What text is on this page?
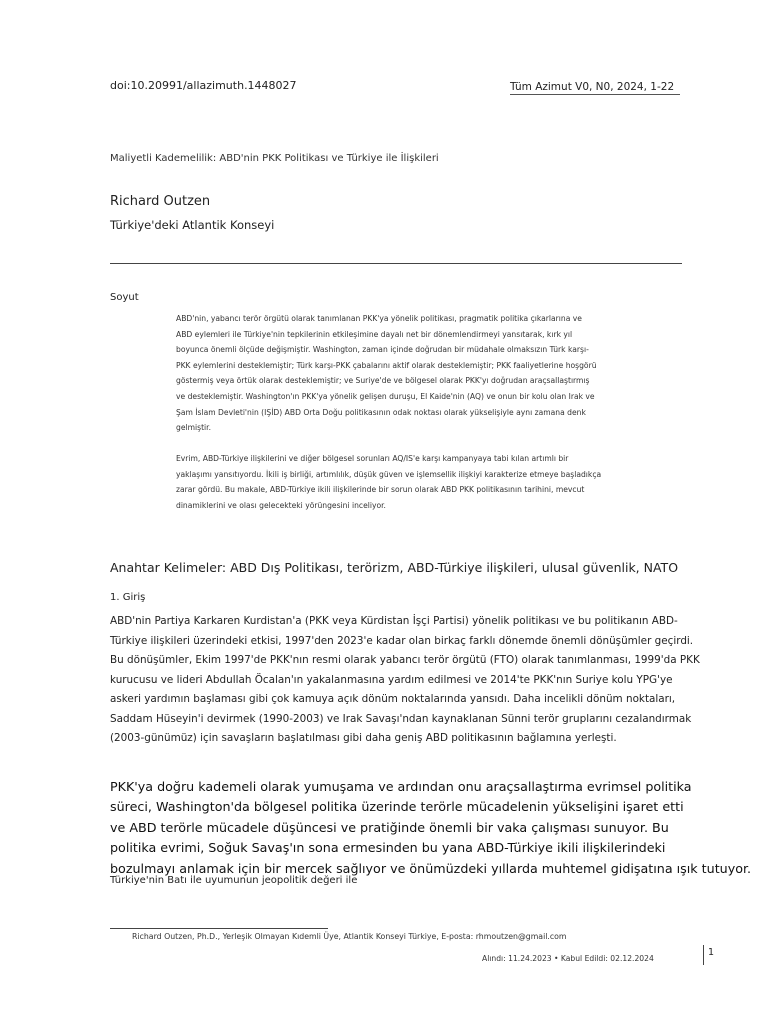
doi:10.20991/allazimuth.1448027	Tüm Azimut V0, N0, 2024, 1-22
Maliyetli Kademelilik: ABD'nin PKK Politikası ve Türkiye ile İlişkileri
Richard Outzen
Türkiye'deki Atlantik Konseyi
Soyut
ABD'nin, yabancı terör örgütü olarak tanımlanan PKK'ya yönelik politikası, pragmatik politika çıkarlarına ve
ABD eylemleri ile Türkiye'nin tepkilerinin etkileşimine dayalı net bir dönemlendirmeyi yansıtarak, kırk yıl
boyunca önemli ölçüde değişmiştir. Washington, zaman içinde doğrudan bir müdahale olmaksızın Türk karşı-
PKK eylemlerini desteklemiştir; Türk karşı-PKK çabalarını aktif olarak desteklemiştir; PKK faaliyetlerine hoşgörü
göstermiş veya örtük olarak desteklemiştir; ve Suriye'de ve bölgesel olarak PKK'yı doğrudan araçsallaştırmış
ve desteklemiştir. Washington'ın PKK'ya yönelik gelişen duruşu, El Kaide'nin (AQ) ve onun bir kolu olan Irak ve
Şam İslam Devleti'nin (IŞİD) ABD Orta Doğu politikasının odak noktası olarak yükselişiyle aynı zamana denk
gelmiştir.
Evrim, ABD-Türkiye ilişkilerini ve diğer bölgesel sorunları AQ/IS'e karşı kampanyaya tabi kılan artımlı bir
yaklaşımı yansıtıyordu. İkili iş birliği, artımlılık, düşük güven ve işlemsellik ilişkiyi karakterize etmeye başladıkça
zarar gördü. Bu makale, ABD-Türkiye ikili ilişkilerinde bir sorun olarak ABD PKK politikasının tarihini, mevcut
dinamiklerini ve olası gelecekteki yörüngesini inceliyor.
Anahtar Kelimeler: ABD Dış Politikası, terörizm, ABD-Türkiye ilişkileri, ulusal güvenlik, NATO
1. Giriş
ABD'nin Partiya Karkaren Kurdistan'a (PKK veya Kürdistan İşçi Partisi) yönelik politikası ve bu politikanın ABD-
Türkiye ilişkileri üzerindeki etkisi, 1997'den 2023'e kadar olan birkaç farklı dönemde önemli dönüşümler geçirdi.
Bu dönüşümler, Ekim 1997'de PKK'nın resmi olarak yabancı terör örgütü (FTO) olarak tanımlanması, 1999'da PKK
kurucusu ve lideri Abdullah Öcalan'ın yakalanmasına yardım edilmesi ve 2014'te PKK'nın Suriye kolu YPG'ye
askeri yardımın başlaması gibi çok kamuya açık dönüm noktalarında yansıdı. Daha incelikli dönüm noktaları,
Saddam Hüseyin'i devirmek (1990-2003) ve Irak Savaşı'ndan kaynaklanan Sünni terör gruplarını cezalandırmak
(2003-günümüz) için savaşların başlatılması gibi daha geniş ABD politikasının bağlamına yerleşti.
PKK'ya doğru kademeli olarak yumuşama ve ardından onu araçsallaştırma evrimsel politika
süreci, Washington'da bölgesel politika üzerinde terörle mücadelenin yükselişini işaret etti
ve ABD terörle mücadele düşüncesi ve pratiğinde önemli bir vaka çalışması sunuyor. Bu
politika evrimi, Soğuk Savaş'ın sona ermesinden bu yana ABD-Türkiye ikili ilişkilerindeki
bozulmayı anlamak için bir mercek sağlıyor ve önümüzdeki yıllarda muhtemel gidişatına ışık tutuyor.
Türkiye'nin Batı ile uyumunun jeopolitik değeri ile
Richard Outzen, Ph.D., Yerleşik Olmayan Kıdemli Üye, Atlantik Konseyi Türkiye, E-posta: rhmoutzen@gmail.com
Alındı: 11.24.2023 • Kabul Edildi: 02.12.2024
1
